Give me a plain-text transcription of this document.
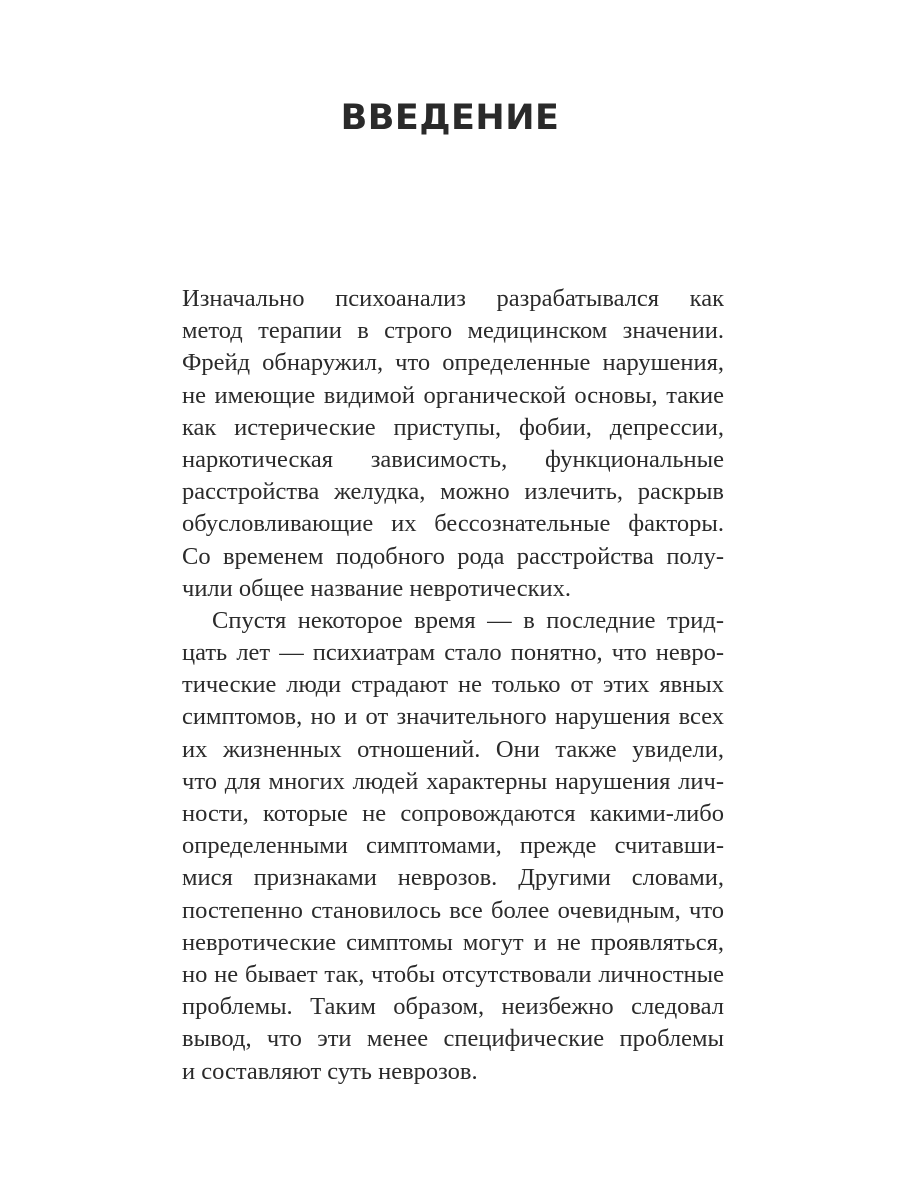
ВВЕДЕНИЕ
Изначально психоанализ разрабатывался как
метод терапии в строго медицинском значении.
Фрейд обнаружил, что определенные нарушения,
не имеющие видимой органической основы, такие
как истерические приступы, фобии, депрессии,
наркотическая зависимость, функциональные
расстройства желудка, можно излечить, раскрыв
обусловливающие их бессознательные факторы.
Со временем подобного рода расстройства полу-
чили общее название невротических.
Спустя некоторое время — в последние трид-
цать лет — психиатрам стало понятно, что невро-
тические люди страдают не только от этих явных
симптомов, но и от значительного нарушения всех
их жизненных отношений. Они также увидели,
что для многих людей характерны нарушения лич-
ности, которые не сопровождаются какими-либо
определенными симптомами, прежде считавши-
мися признаками неврозов. Другими словами,
постепенно становилось все более очевидным, что
невротические симптомы могут и не проявляться,
но не бывает так, чтобы отсутствовали личностные
проблемы. Таким образом, неизбежно следовал
вывод, что эти менее специфические проблемы
и составляют суть неврозов.
